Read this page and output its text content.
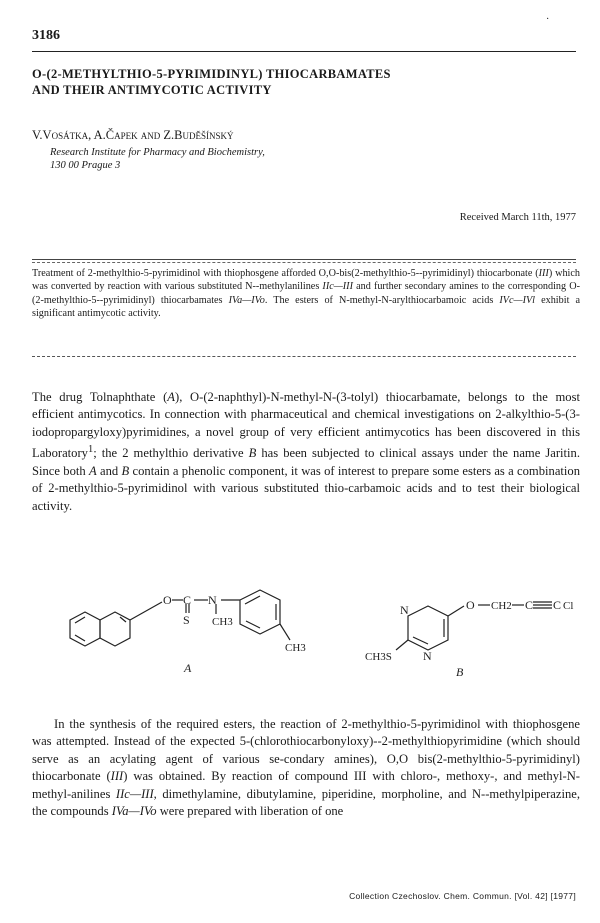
·
3186
O-(2-METHYLTHIO-5-PYRIMIDINYL) THIOCARBAMATES
AND THEIR ANTIMYCOTIC ACTIVITY
V.Vosátka, A.Čapek and Z.Buděšínský
Research Institute for Pharmacy and Biochemistry,
130 00 Prague 3
Received March 11th, 1977
Treatment of 2-methylthio-5-pyrimidinol with thiophosgene afforded O,O-bis(2-methylthio-5--pyrimidinyl) thiocarbonate (III) which was converted by reaction with various substituted N--methylanilines IIc—III and further secondary amines to the corresponding O-(2-methylthio-5--pyrimidinyl) thiocarbamates IVa—IVo. The esters of N-methyl-N-arylthiocarbamoic acids IVc—IVl exhibit a significant antimycotic activity.
The drug Tolnaphthate (A), O-(2-naphthyl)-N-methyl-N-(3-tolyl) thiocarbamate, belongs to the most efficient antimycotics. In connection with pharmaceutical and chemical investigations on 2-alkylthio-5-(3-iodopropargyloxy)pyrimidines, a novel group of very efficient antimycotics has been discovered in this Laboratory$^1$; the 2 methylthio derivative B has been subjected to clinical assays under the name Jaritin. Since both A and B contain a phenolic component, it was of interest to prepare some esters as a combination of 2-methylthio-5-pyrimidinol with various substituted thio-carbamoic acids and to test their biological activity.
O C N
S CH3
CH3
A
N
N
O CH2 C C Cl
CH3S
B
In the synthesis of the required esters, the reaction of 2-methylthio-5-pyrimidinol with thiophosgene was attempted. Instead of the expected 5-(chlorothiocarbonyloxy)--2-methylthiopyrimidine (which should serve as an acylating agent of various se-condary amines), O,O bis(2-methylthio-5-pyrimidinyl) thiocarbonate (III) was obtained. By reaction of compound III with chloro-, methoxy-, and methyl-N-methyl-anilines IIc—III, dimethylamine, dibutylamine, piperidine, morpholine, and N--methylpiperazine, the compounds IVa—IVo were prepared with liberation of one
Collection Czechoslov. Chem. Commun. [Vol. 42] [1977]
